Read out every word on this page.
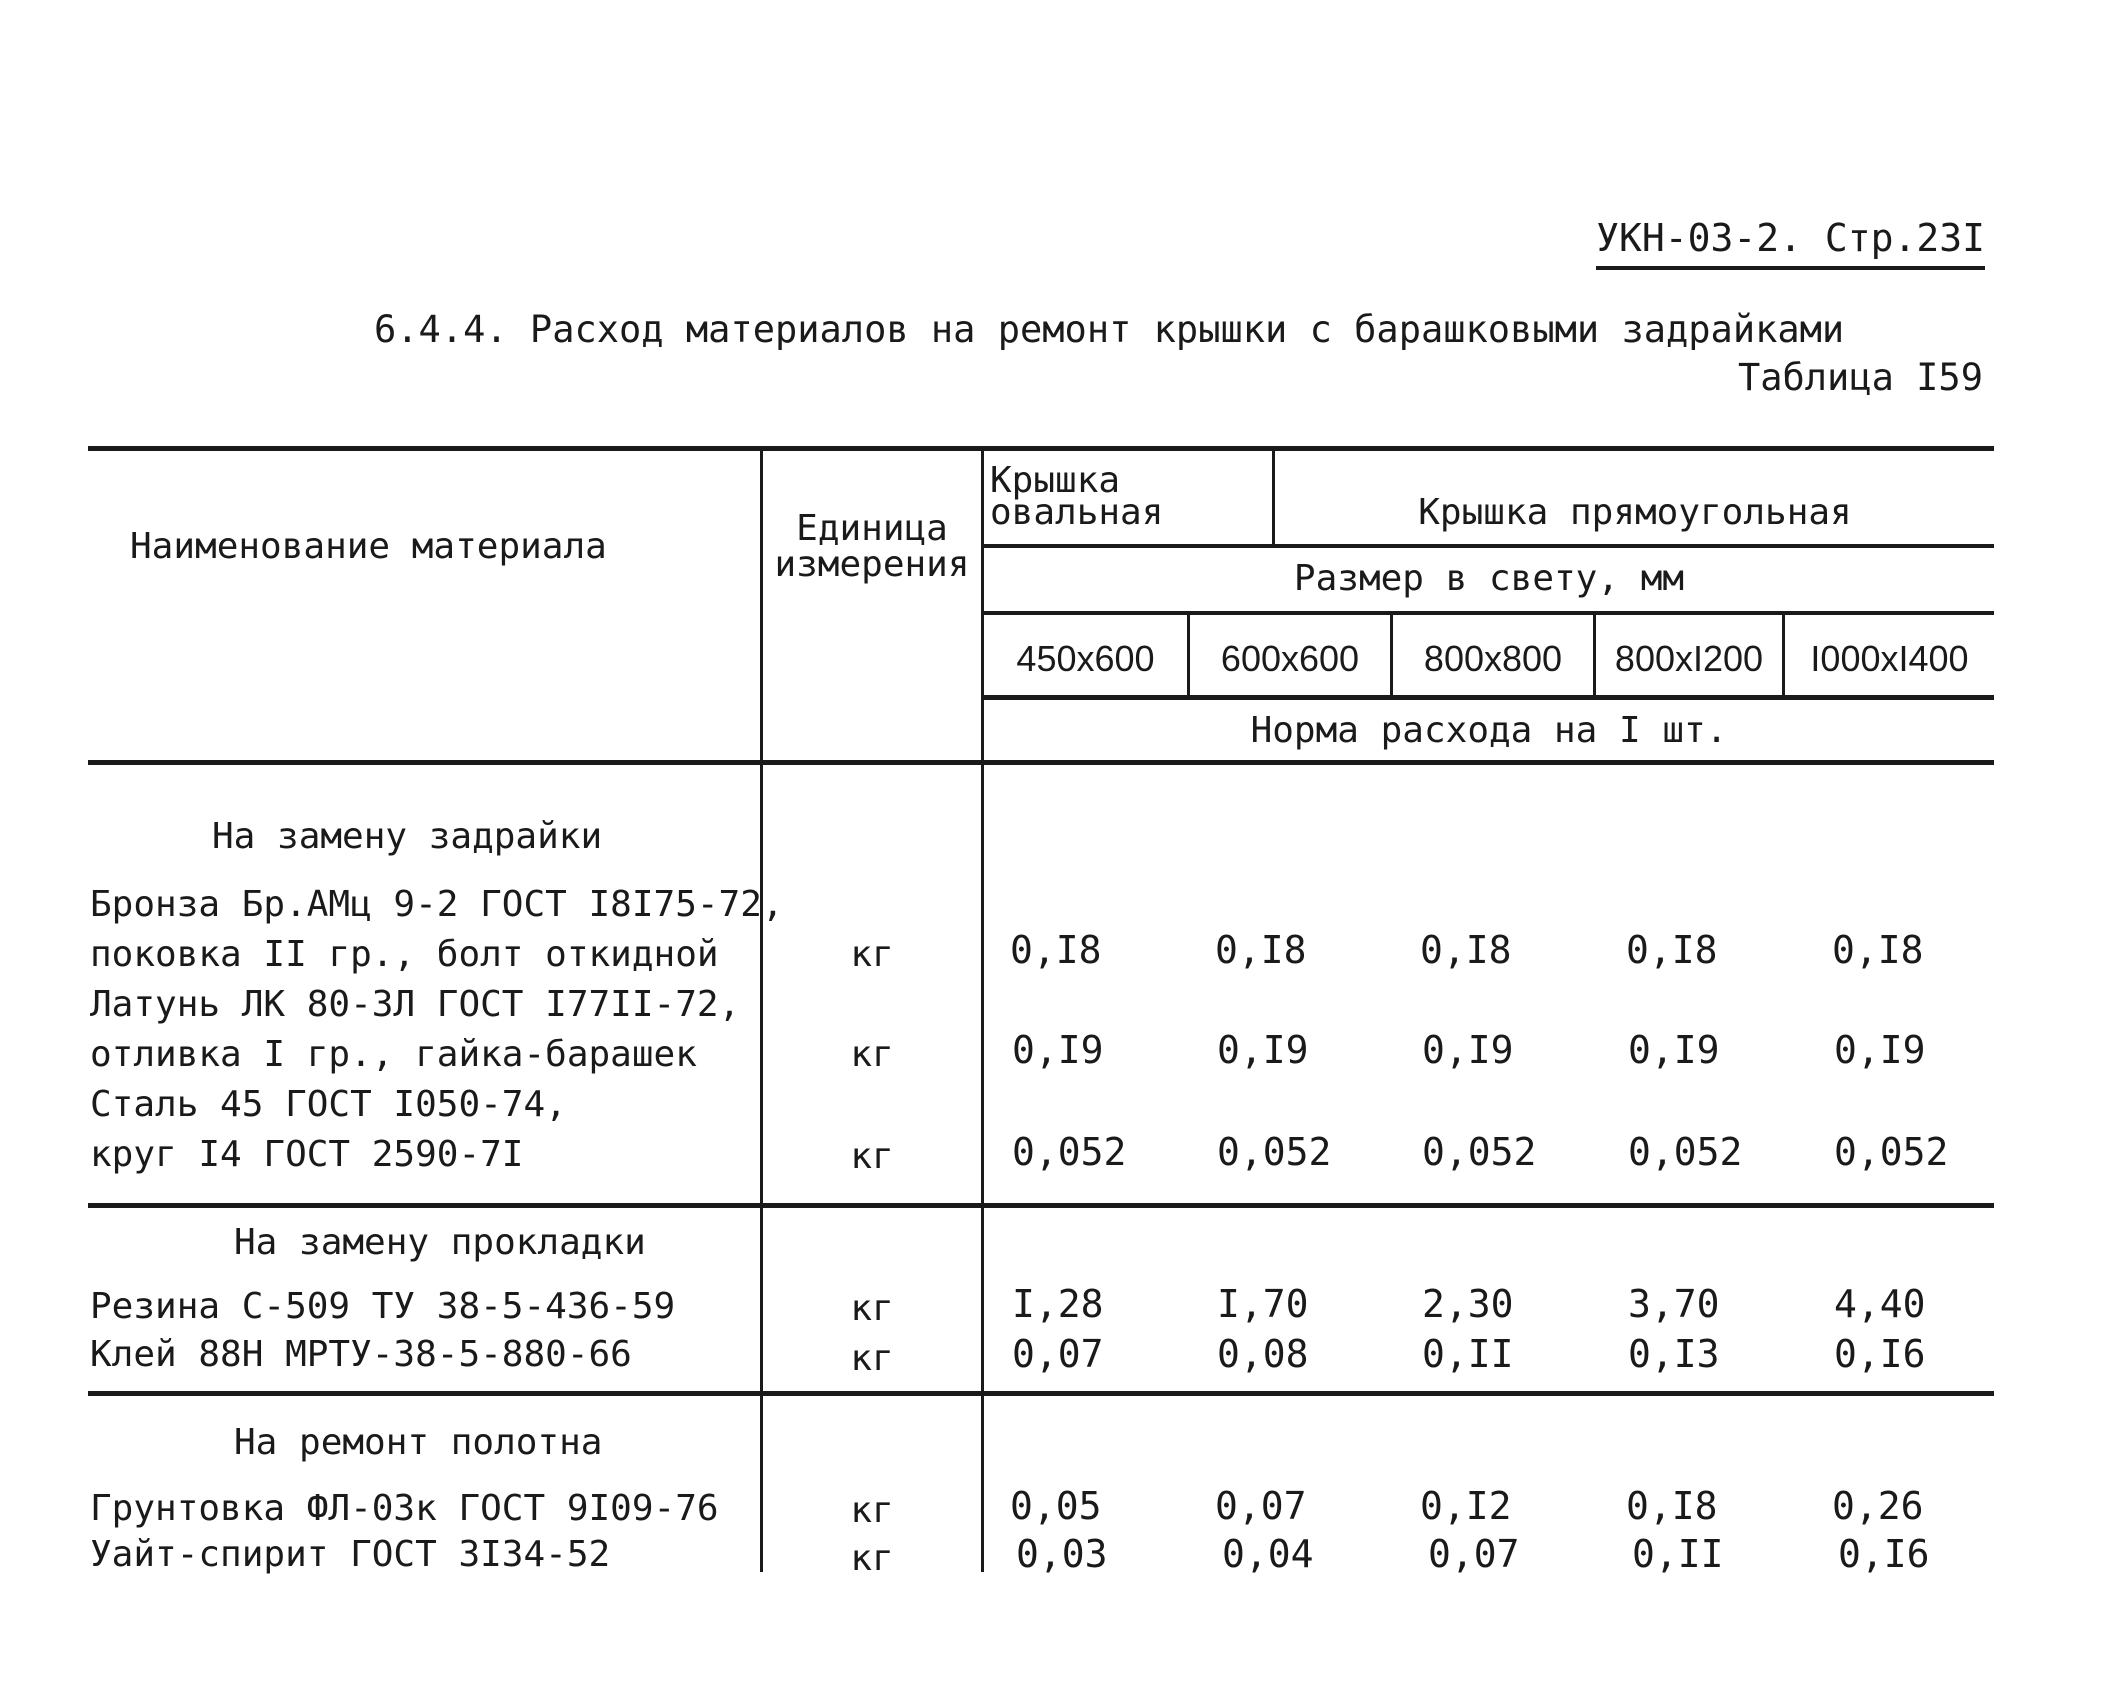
УКН-03-2. Стр.23I
6.4.4. Расход материалов на ремонт крышки с барашковыми задрайками
Таблица I59
Наименование материала	Единица
измерения
Крышка
овальная	Крышка прямоугольная
Размер в свету, мм
450x600	600x600	800x800	800xI200	I000xI400
Норма расхода на I шт.
На замену задрайки
Бронза Бр.АМц 9-2 ГОСТ I8I75-72,
поковка II гр., болт откидной	кг	0,I8	0,I8	0,I8	0,I8	0,I8
Латунь ЛК 80-3Л ГОСТ I77II-72,
отливка I гр., гайка-барашек	кг	0,I9	0,I9	0,I9	0,I9	0,I9
Сталь 45 ГОСТ I050-74,
круг I4 ГОСТ 2590-7I	кг	0,052 0,052 0,052 0,052 0,052
На замену прокладки
Резина С-509 ТУ 38-5-436-59	кг	I,28	I,70	2,30	3,70	4,40
Клей 88Н МРТУ-38-5-880-66	кг	0,07	0,08	0,II	0,I3	0,I6
На ремонт полотна
Грунтовка ФЛ-03к ГОСТ 9I09-76	кг	0,05	0,07	0,I2	0,I8	0,26
Уайт-спирит ГОСТ 3I34-52	кг	0,03	0,04	0,07	0,II	0,I6
